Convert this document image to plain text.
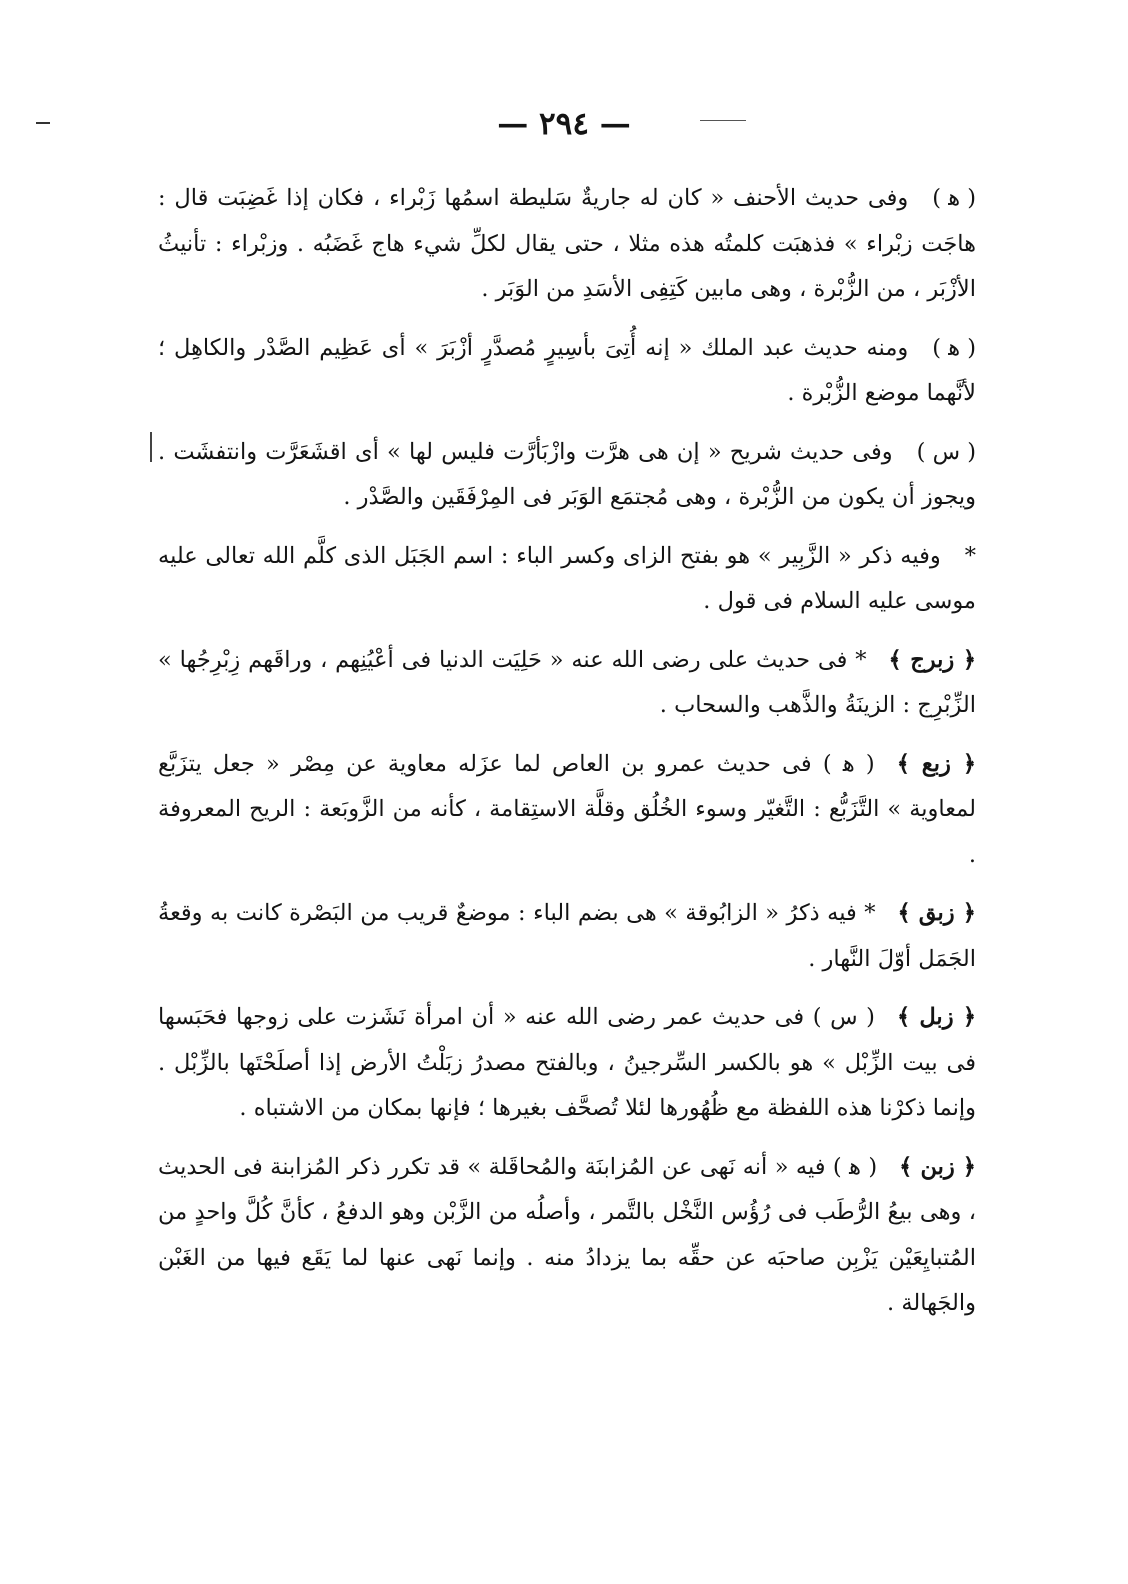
— ٢٩٤ —

( ﻫ )وفى حديث الأحنف « كان له جاريةٌ سَليطة اسمُها زَبْراء ، فكان إذا غَضِبَت قال : هاجَت زبْراء » فذهبَت كلمتُه هذه مثلا ، حتى يقال لكلِّ شيء هاج غَضَبُه . وزبْراء : تأنيثُ الأزْبَر ، من الزُّبْرة ، وهى مابين كَتِفِى الأسَدِ من الوَبَر .

( ﻫ )ومنه حديث عبد الملك « إنه أُتِىَ بأسِيرٍ مُصدَّرٍ أزْبَرَ » أى عَظِيم الصَّدْر والكاهِل ؛ لأنَّهما موضع الزُّبْرة .

( س )وفى حديث شريح « إن هى هرَّت وازْبَأرَّت فليس لها » أى اقشَعَرَّت وانتفشَت . ويجوز أن يكون من الزُّبْرة ، وهى مُجتمَع الوَبَر فى المِرْفَقَين والصَّدْر .

*وفيه ذكر « الزَّبِير » هو بفتح الزاى وكسر الباء : اسم الجَبَل الذى كلَّم الله تعالى عليه موسى عليه السلام فى قول .

﴿ زبرج ﴾* فى حديث على رضى الله عنه « حَلِيَت الدنيا فى أعْيُنِهم ، وراقَهم زِبْرِجُها » الزِّبْرِج : الزينَةُ والذَّهب والسحاب .

﴿ زبع ﴾( ﻫ ) فى حديث عمرو بن العاص لما عزَله معاوية عن مِصْر « جعل يتزَبَّع لمعاوية » التَّزَبُّع : التَّغيّر وسوء الخُلُق وقلَّة الاستِقامة ، كأنه من الزَّوبَعة : الريح المعروفة .

﴿ زبق ﴾* فيه ذكرُ « الزابُوقة » هى بضم الباء : موضعٌ قريب من البَصْرة كانت به وقعةُ الجَمَل أوّلَ النَّهار .

﴿ زبل ﴾( س ) فى حديث عمر رضى الله عنه « أن امرأة نَشَزت على زوجها فحَبَسها فى بيت الزِّبْل » هو بالكسر السِّرجينُ ، وبالفتح مصدرُ زبَلْتُ الأرض إذا أصلَحْتَها بالزِّبْل . وإنما ذكرْنا هذه اللفظة مع ظُهُورها لئلا تُصحَّف بغيرها ؛ فإنها بمكان من الاشتباه .

﴿ زبن ﴾( ﻫ ) فيه « أنه نَهى عن المُزابنَة والمُحاقَلة » قد تكرر ذكر المُزابنة فى الحديث ، وهى بيعُ الرُّطَب فى رُؤُس النَّخْل بالتَّمر ، وأصلُه من الزَّبْن وهو الدفعُ ، كأنَّ كُلَّ واحدٍ من المُتبايِعَيْن يَزْبِن صاحبَه عن حقِّه بما يزدادُ منه . وإنما نَهى عنها لما يَقَع فيها من الغَبْن والجَهالة .
